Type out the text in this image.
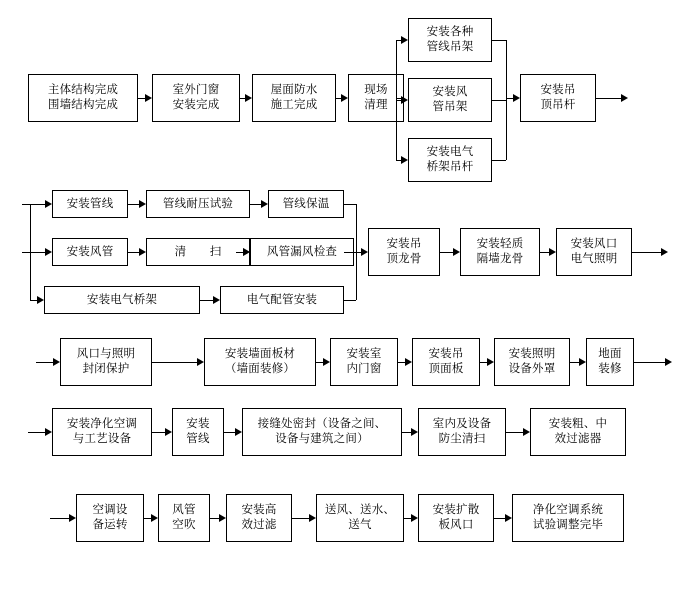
主体结构完成
围墙结构完成
室外门窗
安装完成
屋面防水
施工完成
现场
清理
安装各种
管线吊架
安装风
管吊架
安装电气
桥架吊杆
安装吊
顶吊杆
安装管线	管线耐压试验	管线保温
安装风管	清　　扫	风管漏风检查
安装电气桥架	电气配管安装
安装吊
顶龙骨
安装轻质
隔墙龙骨
安装风口
电气照明
风口与照明
封闭保护
安装墙面板材
（墙面装修）
安装室
内门窗
安装吊
顶面板
安装照明
设备外罩
地面
装修
安装净化空调
与工艺设备
安装
管线
接缝处密封（设备之间、
设备与建筑之间）
室内及设备
防尘清扫
安装粗、中
效过滤器
空调设
备运转
风管
空吹
安装高
效过滤
送风、送水、
送气
安装扩散
板风口
净化空调系统
试验调整完毕
